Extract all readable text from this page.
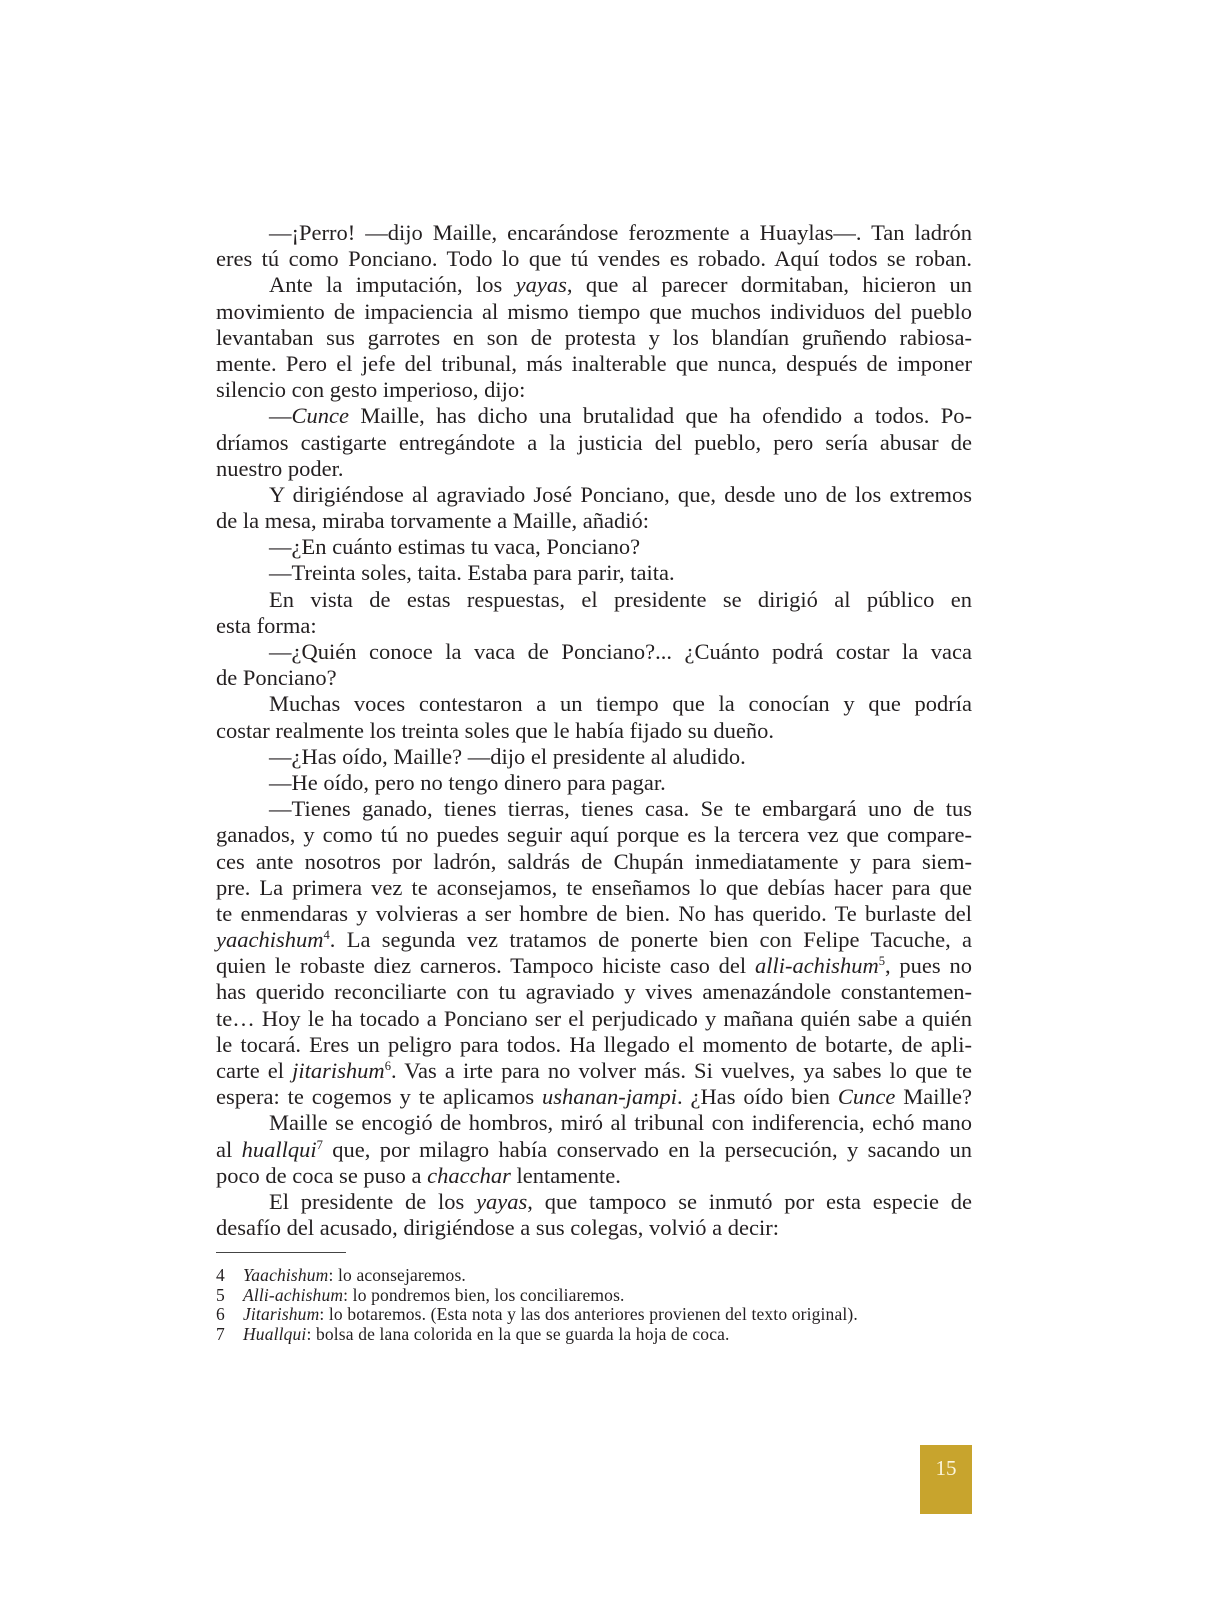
—¡Perro! —dijo Maille, encarándose ferozmente a Huaylas—. Tan ladrón
eres tú como Ponciano. Todo lo que tú vendes es robado. Aquí todos se roban.
Ante la imputación, los yayas, que al parecer dormitaban, hicieron un
movimiento de impaciencia al mismo tiempo que muchos individuos del pueblo
levantaban sus garrotes en son de protesta y los blandían gruñendo rabiosa-
mente. Pero el jefe del tribunal, más inalterable que nunca, después de imponer
silencio con gesto imperioso, dijo:
—Cunce Maille, has dicho una brutalidad que ha ofendido a todos. Po-
dríamos castigarte entregándote a la justicia del pueblo, pero sería abusar de
nuestro poder.
Y dirigiéndose al agraviado José Ponciano, que, desde uno de los extremos
de la mesa, miraba torvamente a Maille, añadió:
—¿En cuánto estimas tu vaca, Ponciano?
—Treinta soles, taita. Estaba para parir, taita.
En vista de estas respuestas, el presidente se dirigió al público en
esta forma:
—¿Quién conoce la vaca de Ponciano?... ¿Cuánto podrá costar la vaca
de Ponciano?
Muchas voces contestaron a un tiempo que la conocían y que podría
costar realmente los treinta soles que le había fijado su dueño.
—¿Has oído, Maille? —dijo el presidente al aludido.
—He oído, pero no tengo dinero para pagar.
—Tienes ganado, tienes tierras, tienes casa. Se te embargará uno de tus
ganados, y como tú no puedes seguir aquí porque es la tercera vez que compare-
ces ante nosotros por ladrón, saldrás de Chupán inmediatamente y para siem-
pre. La primera vez te aconsejamos, te enseñamos lo que debías hacer para que
te enmendaras y volvieras a ser hombre de bien. No has querido. Te burlaste del
yaachishum$^4$. La segunda vez tratamos de ponerte bien con Felipe Tacuche, a
quien le robaste diez carneros. Tampoco hiciste caso del alli-achishum$^5$, pues no
has querido reconciliarte con tu agraviado y vives amenazándole constantemen-
te… Hoy le ha tocado a Ponciano ser el perjudicado y mañana quién sabe a quién
le tocará. Eres un peligro para todos. Ha llegado el momento de botarte, de apli-
carte el jitarishum$^6$. Vas a irte para no volver más. Si vuelves, ya sabes lo que te
espera: te cogemos y te aplicamos ushanan-jampi. ¿Has oído bien Cunce Maille?
Maille se encogió de hombros, miró al tribunal con indiferencia, echó mano
al huallqui$^7$ que, por milagro había conservado en la persecución, y sacando un
poco de coca se puso a chacchar lentamente.
El presidente de los yayas, que tampoco se inmutó por esta especie de
desafío del acusado, dirigiéndose a sus colegas, volvió a decir:
4	Yaachishum: lo aconsejaremos.
5	Alli-achishum: lo pondremos bien, los conciliaremos.
6	Jitarishum: lo botaremos. (Esta nota y las dos anteriores provienen del texto original).
7	Huallqui: bolsa de lana colorida en la que se guarda la hoja de coca.
15
